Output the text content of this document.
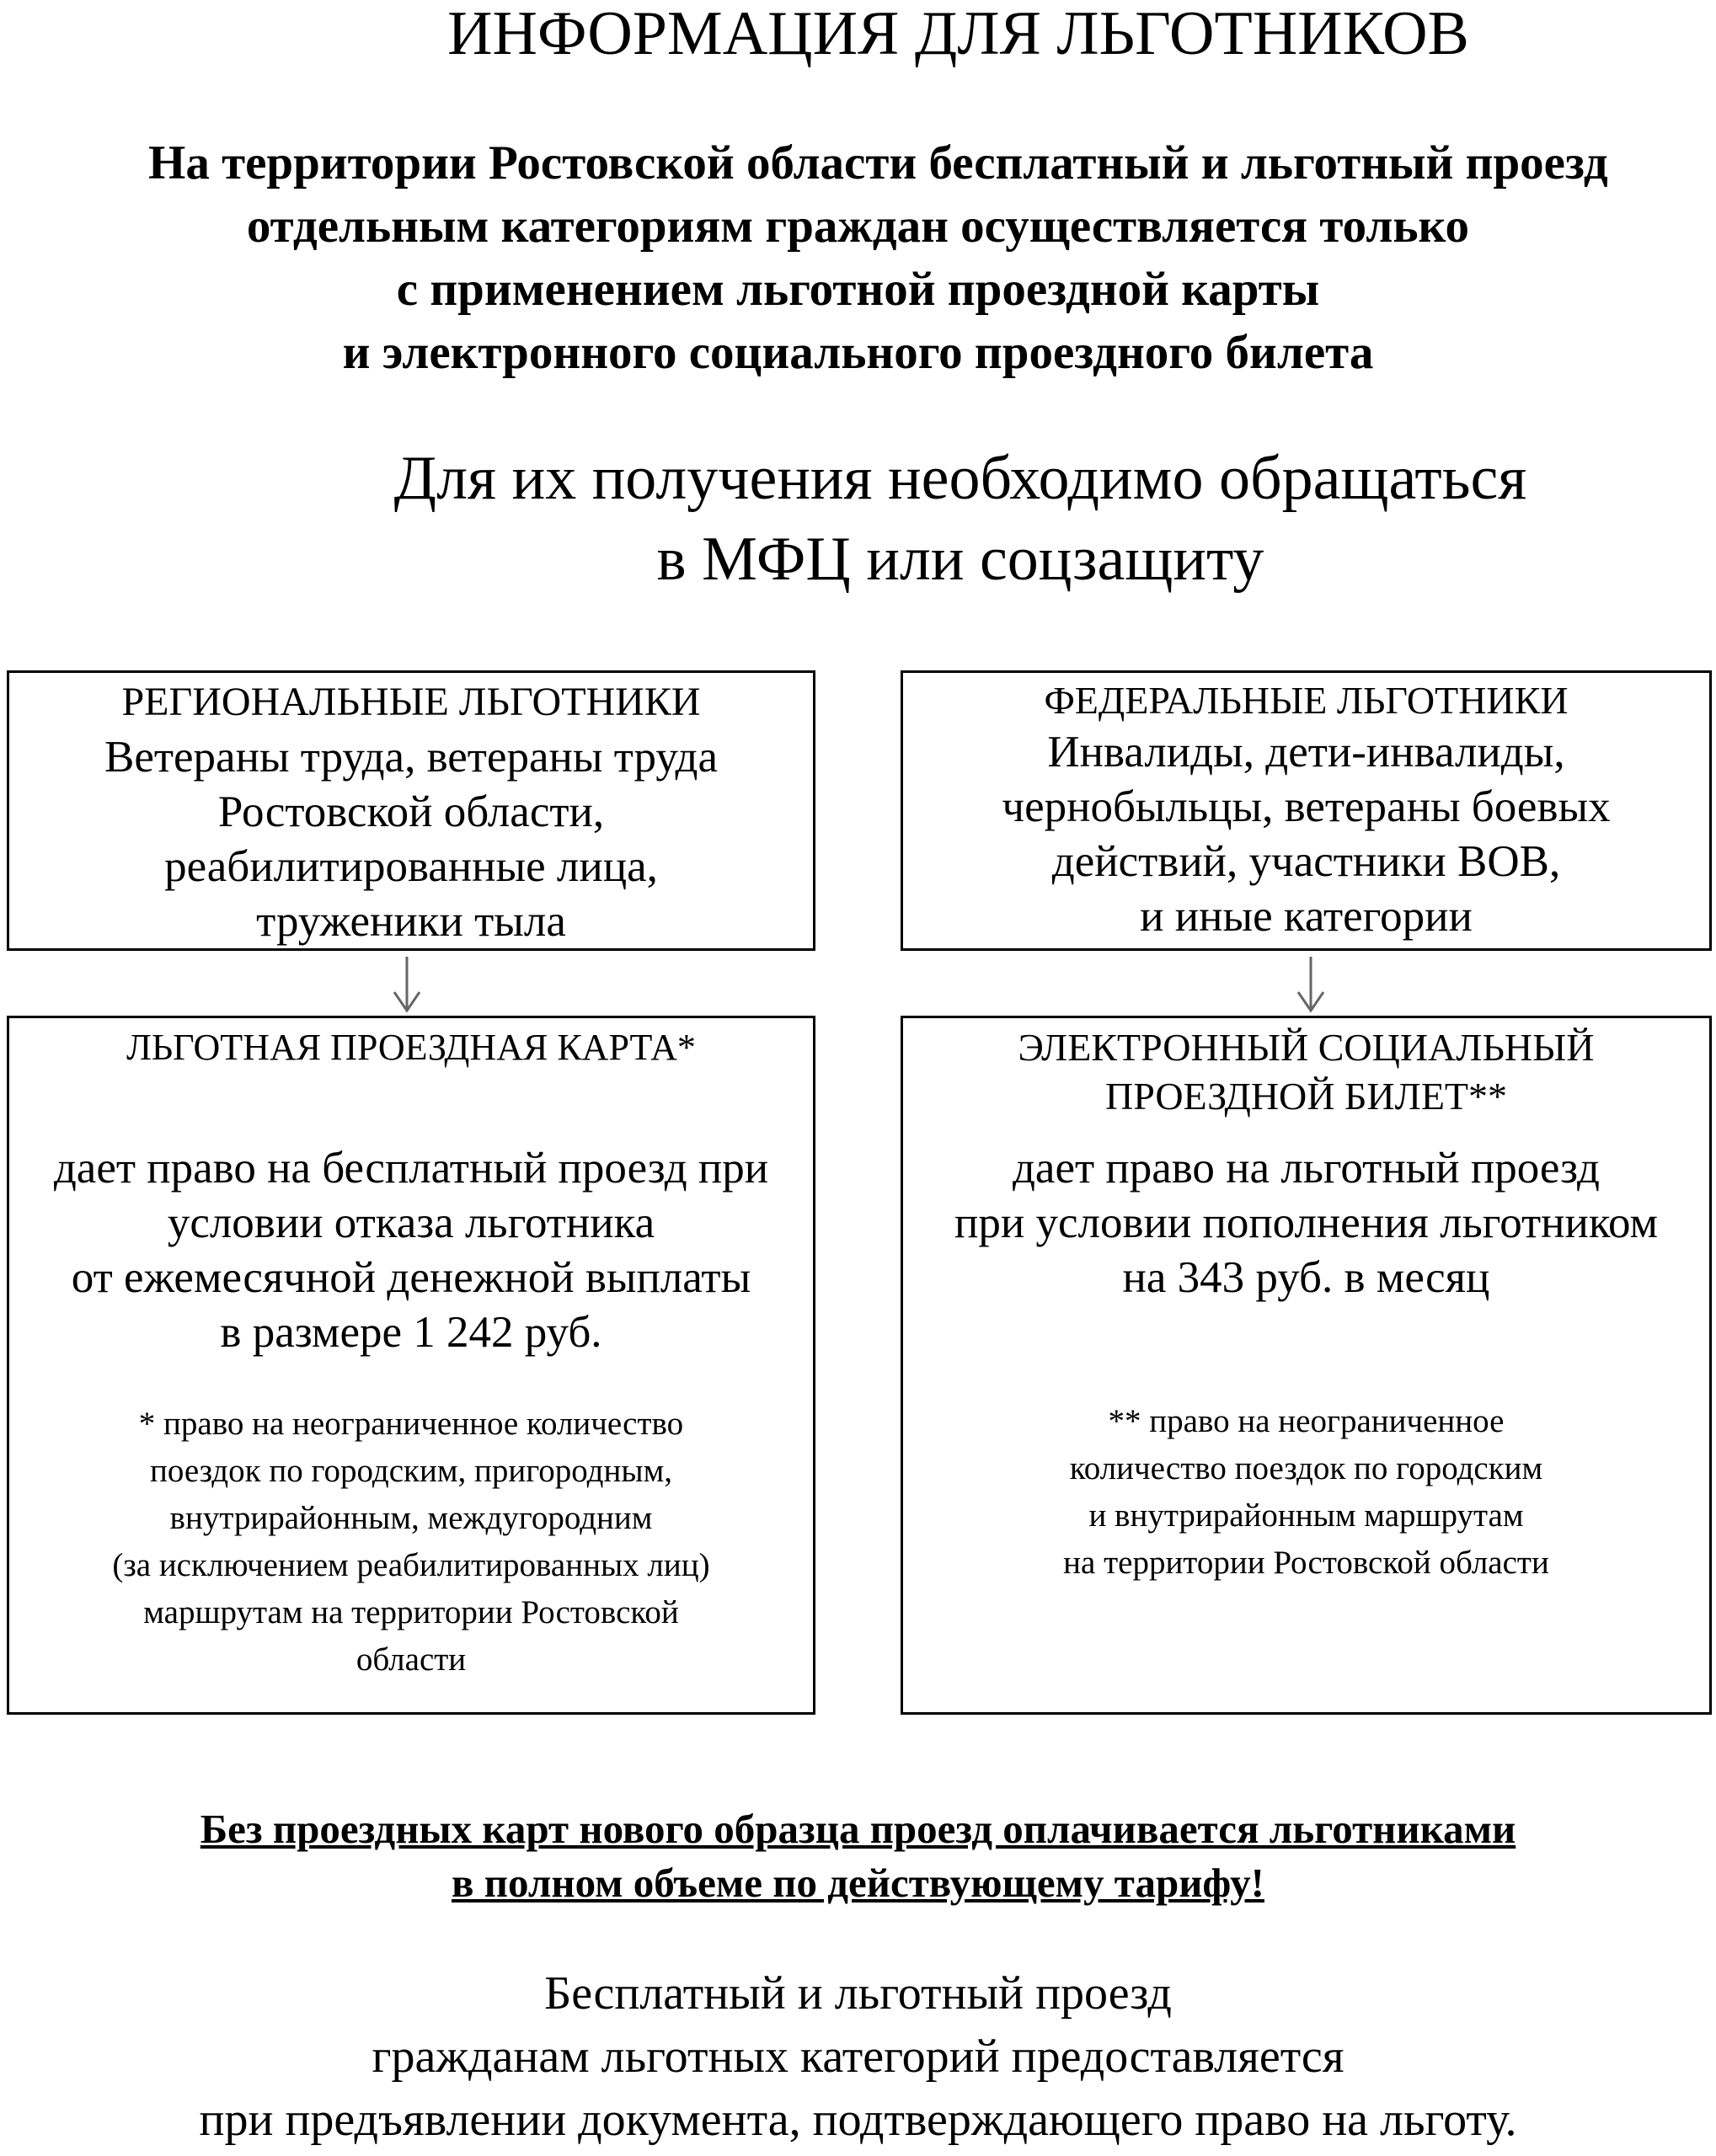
ИНФОРМАЦИЯ ДЛЯ ЛЬГОТНИКОВ
На территории Ростовской области бесплатный и льготный проезд
отдельным категориям граждан осуществляется только
с применением льготной проездной карты
и электронного социального проездного билета
Для их получения необходимо обращаться
в МФЦ или соцзащиту
РЕГИОНАЛЬНЫЕ ЛЬГОТНИКИ
Ветераны труда, ветераны труда
Ростовской области,
реабилитированные лица,
труженики тыла
ФЕДЕРАЛЬНЫЕ ЛЬГОТНИКИ
Инвалиды, дети-инвалиды,
чернобыльцы, ветераны боевых
действий, участники ВОВ,
и иные категории
ЛЬГОТНАЯ ПРОЕЗДНАЯ КАРТА*
дает право на бесплатный проезд при
условии отказа льготника
от ежемесячной денежной выплаты
в размере 1 242 руб.
* право на неограниченное количество
поездок по городским, пригородным,
внутрирайонным, междугородним
(за исключением реабилитированных лиц)
маршрутам на территории Ростовской
области
ЭЛЕКТРОННЫЙ СОЦИАЛЬНЫЙ
ПРОЕЗДНОЙ БИЛЕТ**
дает право на льготный проезд
при условии пополнения льготником
на 343 руб. в месяц
** право на неограниченное
количество поездок по городским
и внутрирайонным маршрутам
на территории Ростовской области
Без проездных карт нового образца проезд оплачивается льготниками
в полном объеме по действующему тарифу!
Бесплатный и льготный проезд
гражданам льготных категорий предоставляется
при предъявлении документа, подтверждающего право на льготу.
